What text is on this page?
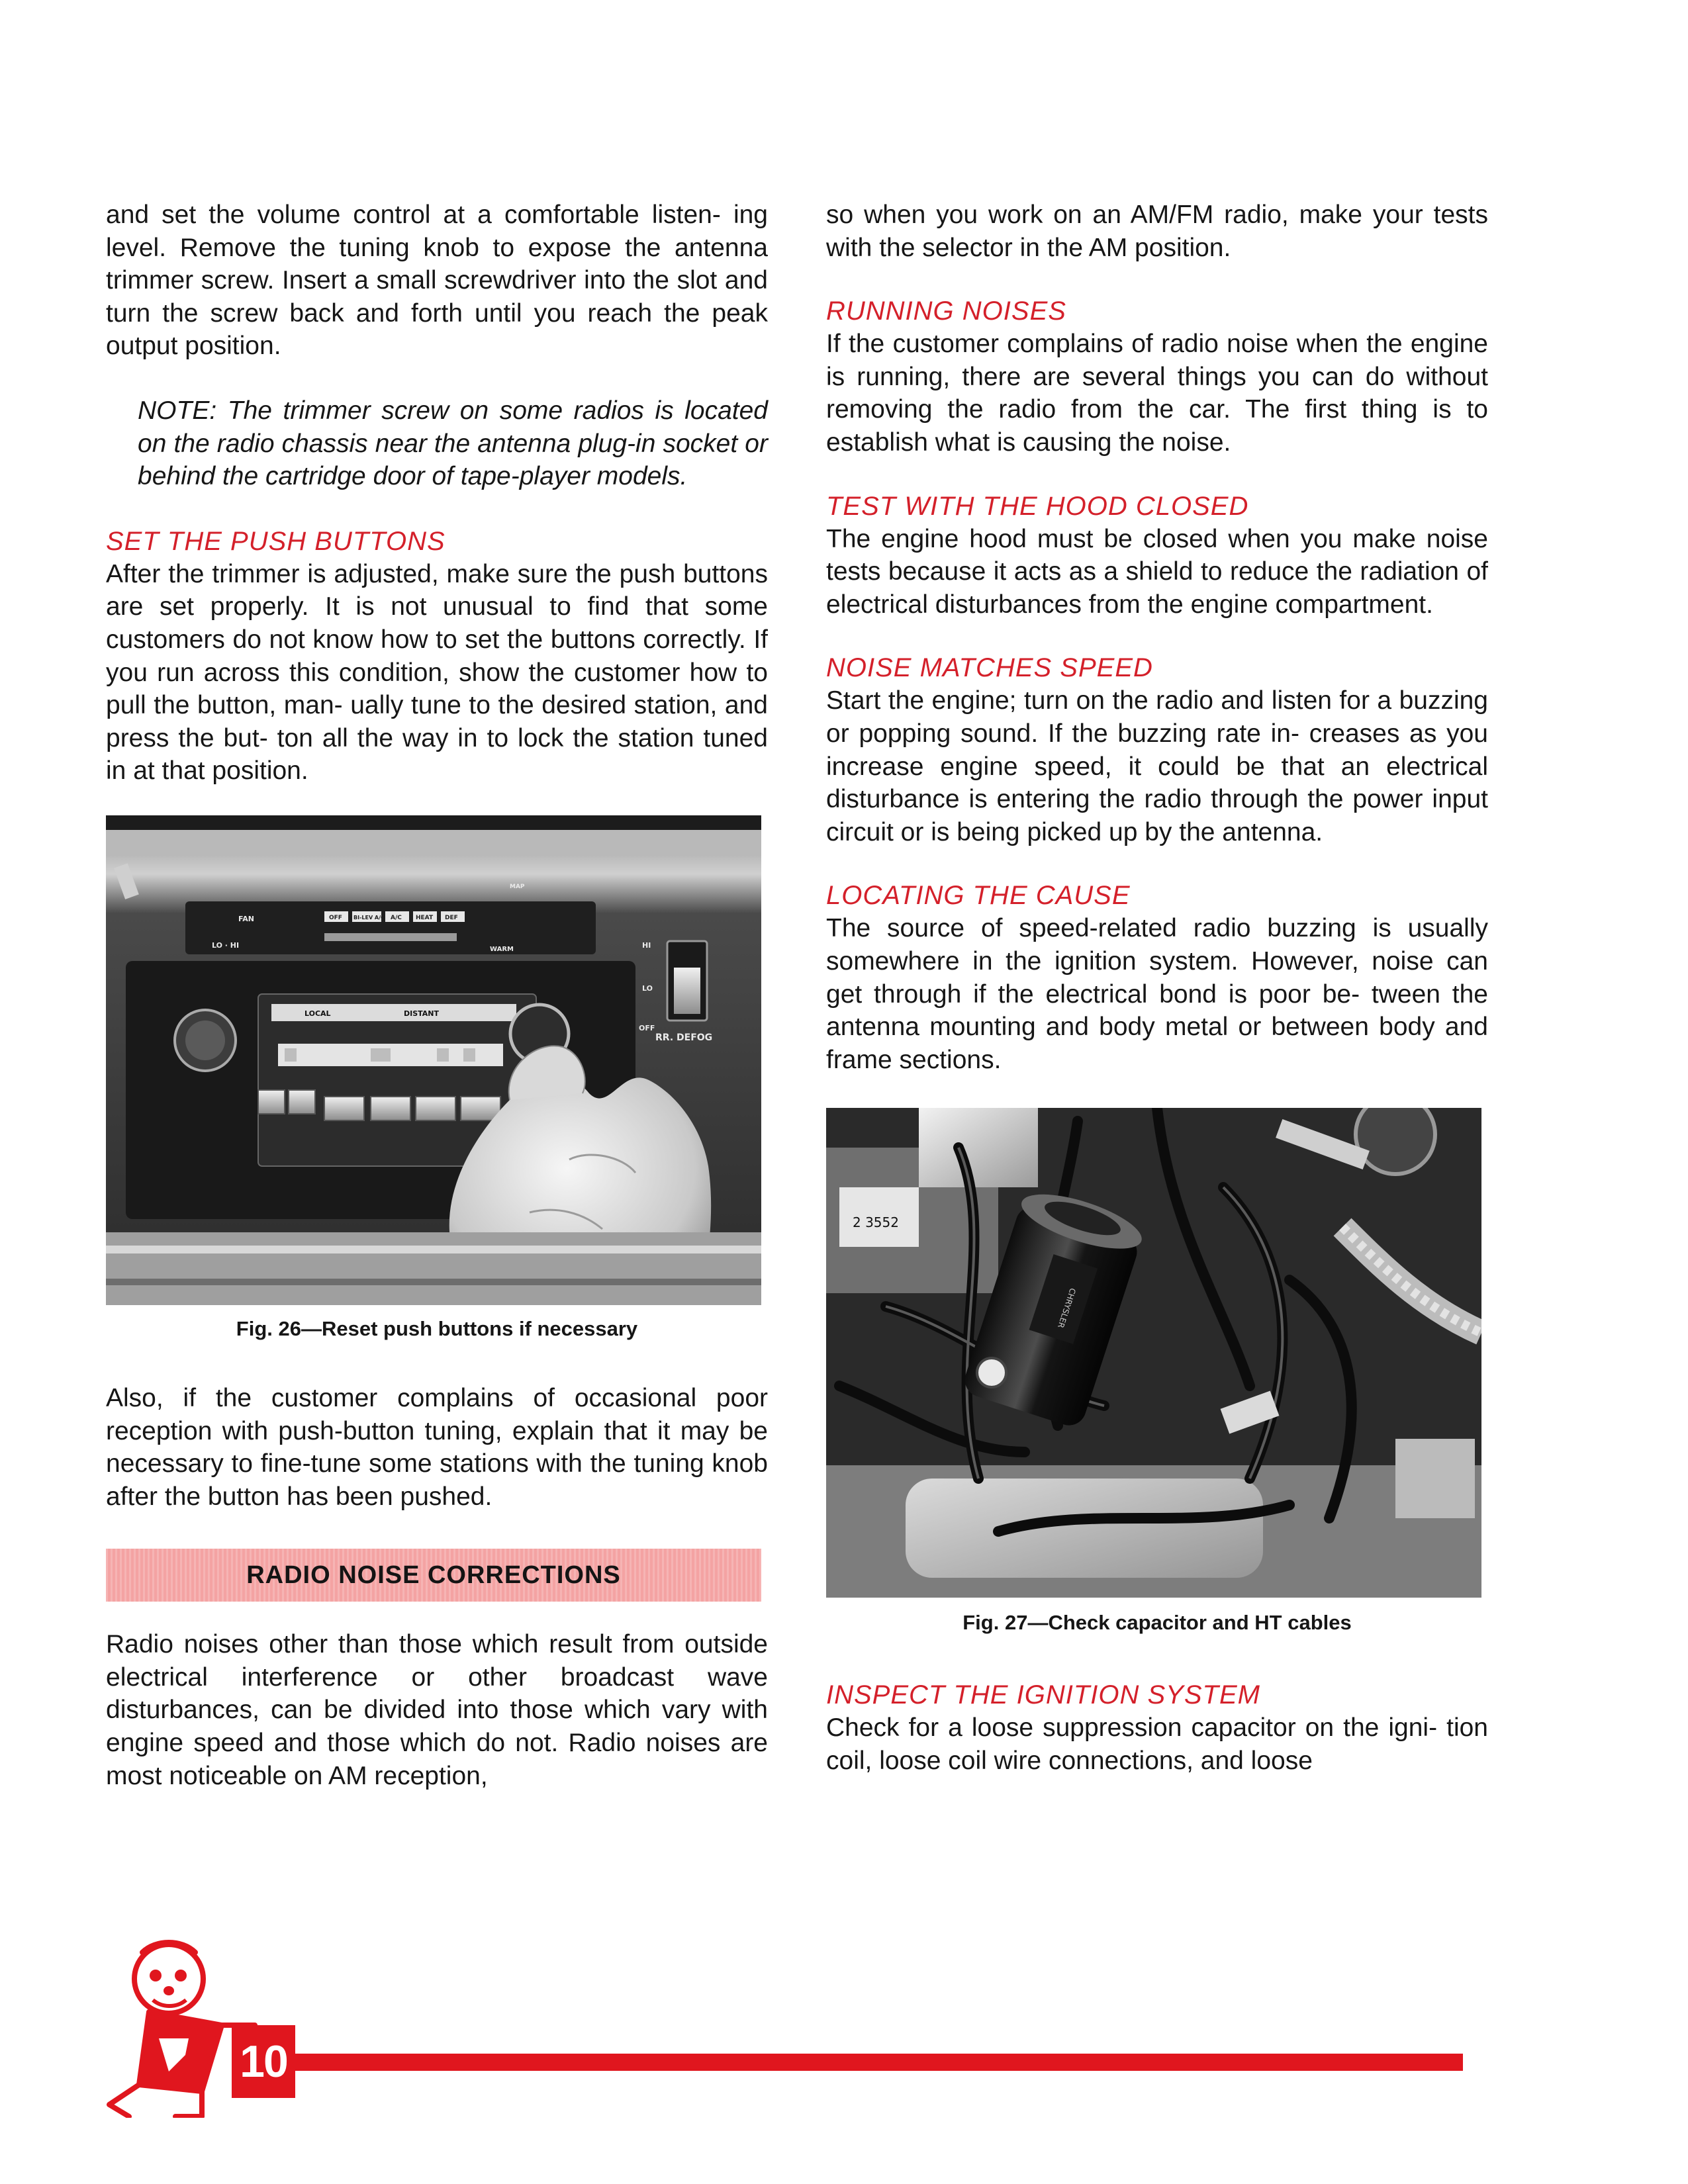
and set the volume control at a comfortable listen- ing level. Remove the tuning knob to expose the antenna trimmer screw. Insert a small screwdriver into the slot and turn the screw back and forth until you reach the peak output position.

NOTE: The trimmer screw on some radios is located on the radio chassis near the antenna plug-in socket or behind the cartridge door of tape-player models.

SET THE PUSH BUTTONS

After the trimmer is adjusted, make sure the push buttons are set properly. It is not unusual to find that some customers do not know how to set the buttons correctly. If you run across this condition, show the customer how to pull the button, man- ually tune to the desired station, and press the but- ton all the way in to lock the station tuned in at that position.

FAN
LO · HI
OFF BI-LEV A/C A/C HEAT DEF
MAP
WARM	HI
LO
OFF
RR. DEFOG
LOCAL	DISTANT
Fig. 26—Reset push buttons if necessary

Also, if the customer complains of occasional poor reception with push-button tuning, explain that it may be necessary to fine-tune some stations with the tuning knob after the button has been pushed.

RADIO NOISE CORRECTIONS

Radio noises other than those which result from outside electrical interference or other broadcast wave disturbances, can be divided into those which vary with engine speed and those which do not. Radio noises are most noticeable on AM reception,

so when you work on an AM/FM radio, make your tests with the selector in the AM position.

RUNNING NOISES

If the customer complains of radio noise when the engine is running, there are several things you can do without removing the radio from the car. The first thing is to establish what is causing the noise.

TEST WITH THE HOOD CLOSED

The engine hood must be closed when you make noise tests because it acts as a shield to reduce the radiation of electrical disturbances from the engine compartment.

NOISE MATCHES SPEED

Start the engine; turn on the radio and listen for a buzzing or popping sound. If the buzzing rate in- creases as you increase engine speed, it could be that an electrical disturbance is entering the radio through the power input circuit or is being picked up by the antenna.

LOCATING THE CAUSE

The source of speed-related radio buzzing is usually somewhere in the ignition system. However, noise can get through if the electrical bond is poor be- tween the antenna mounting and body metal or between body and frame sections.

2 3552
CHRYSLER
Fig. 27—Check capacitor and HT cables
INSPECT THE IGNITION SYSTEM

Check for a loose suppression capacitor on the igni- tion coil, loose coil wire connections, and loose

10
